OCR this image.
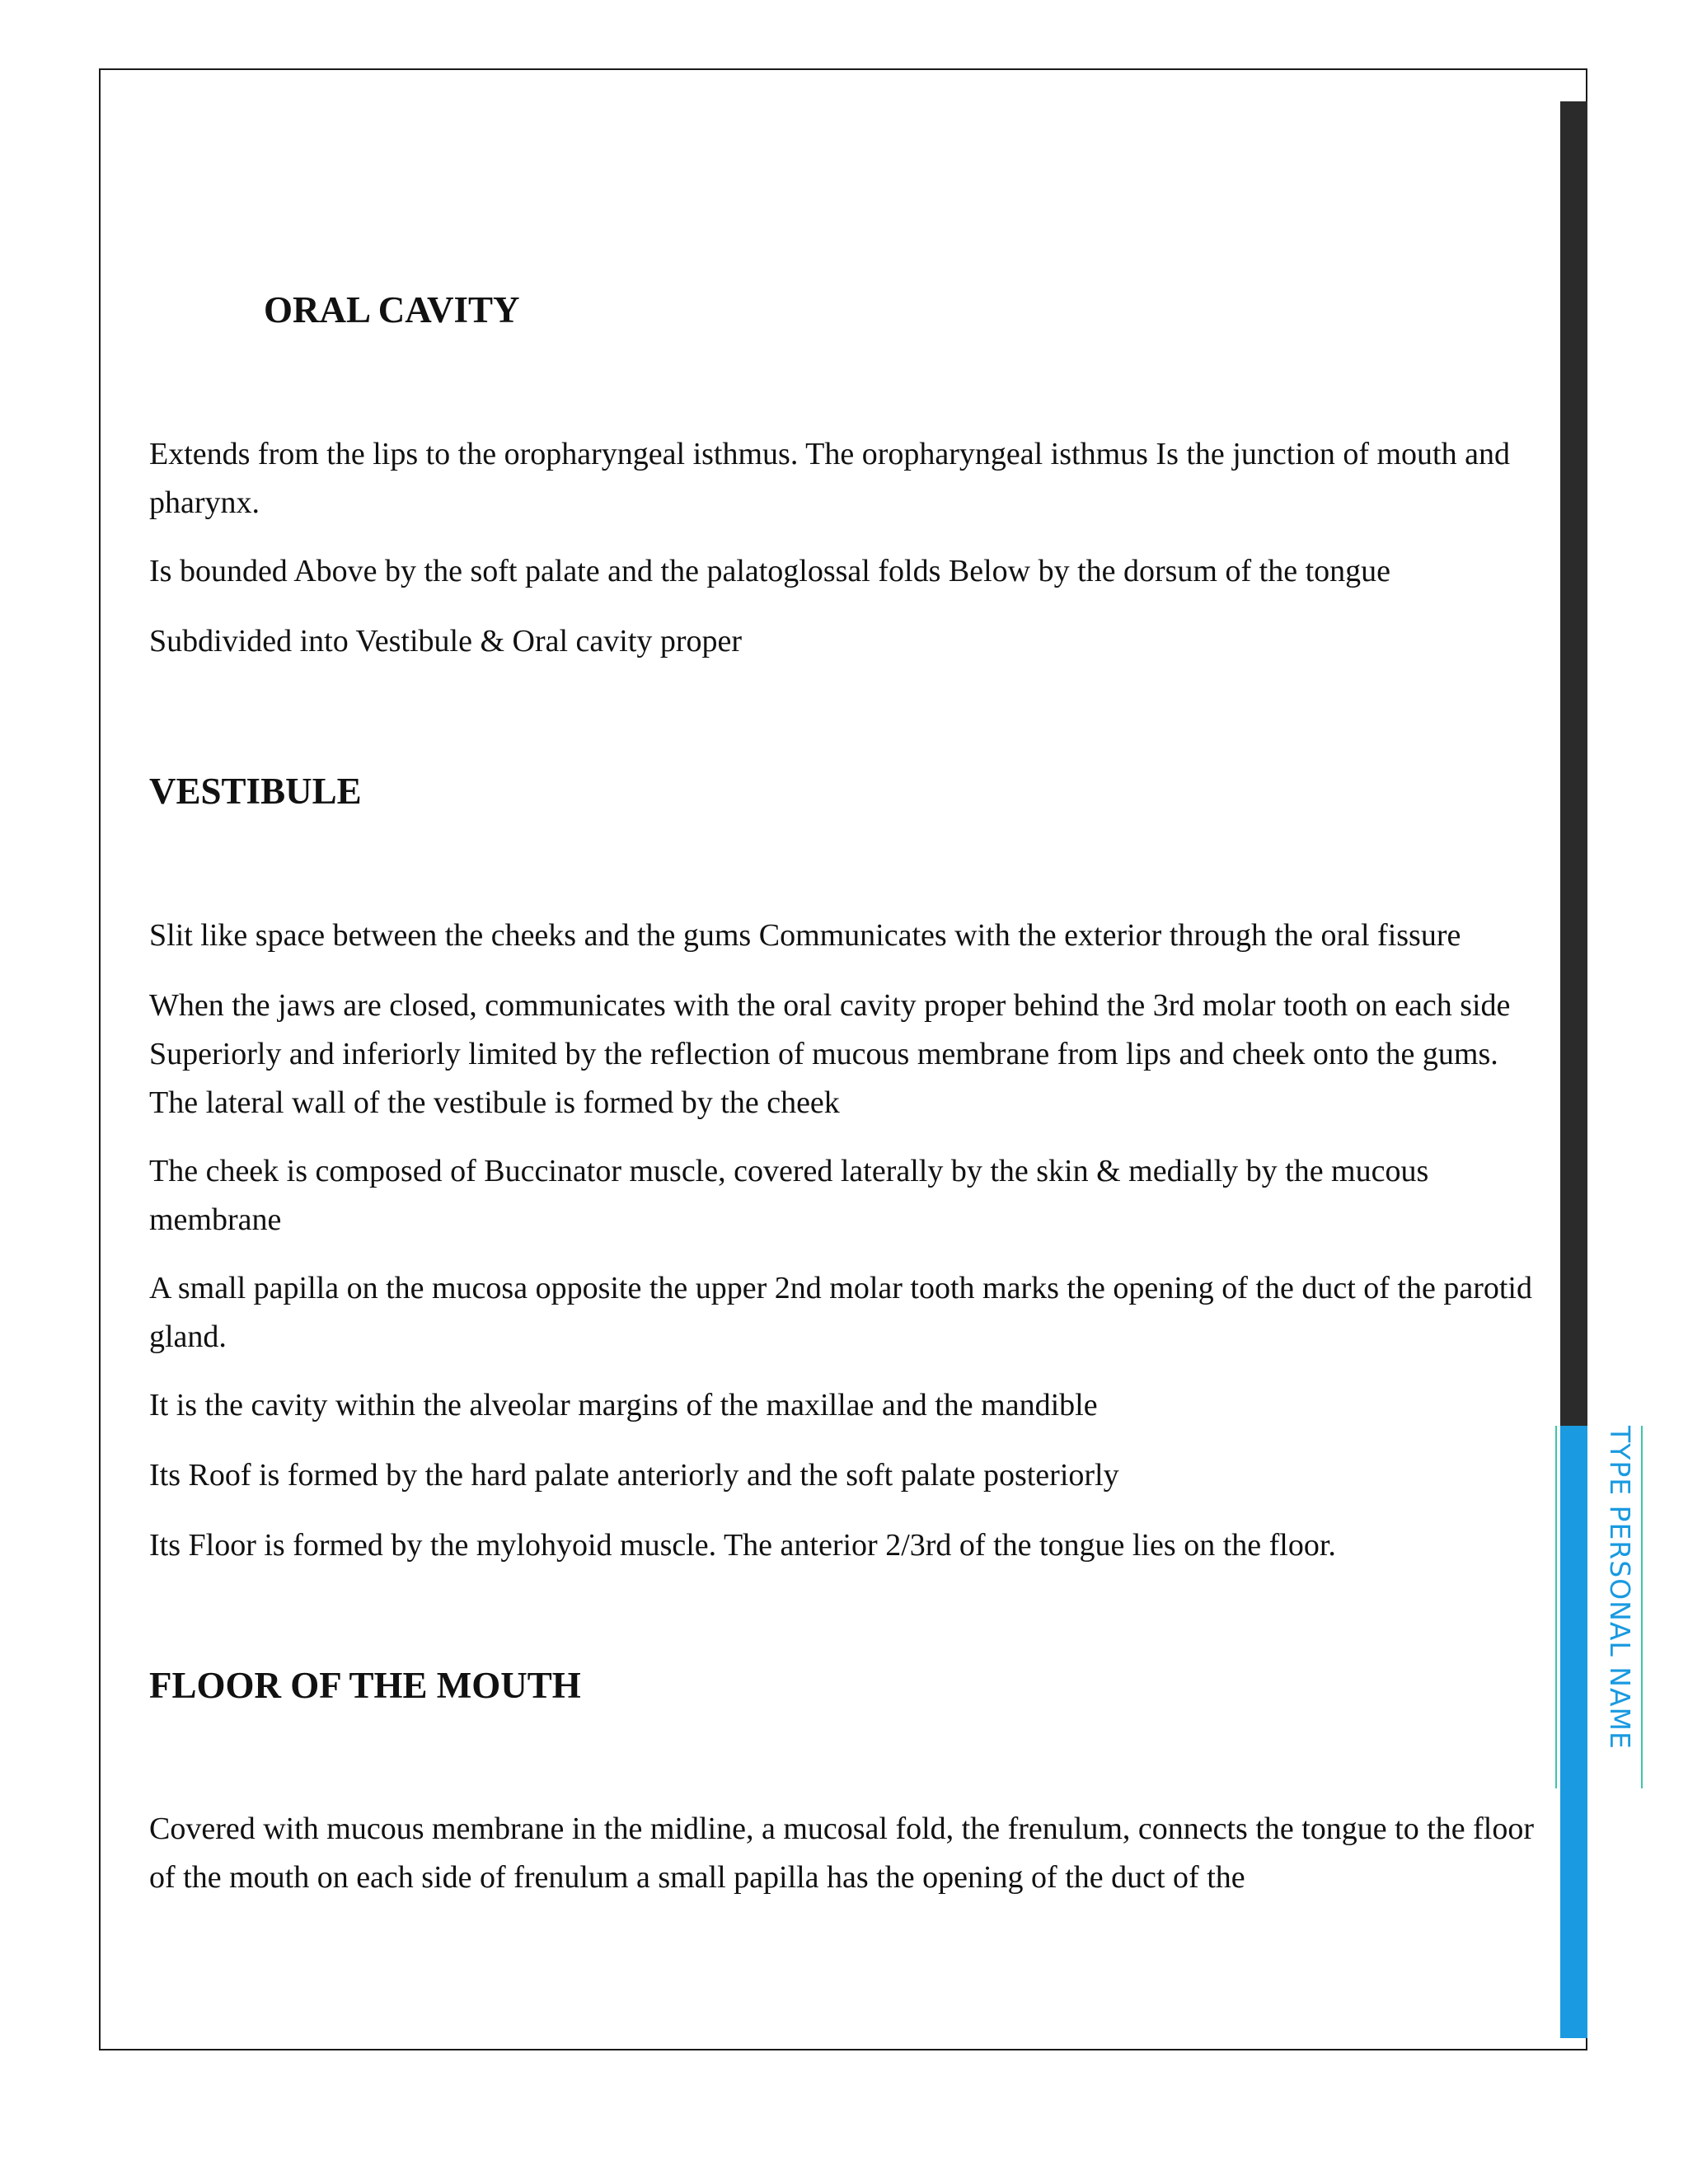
TYPE PERSONAL NAME
ORAL CAVITY

Extends from the lips to the oropharyngeal isthmus. The oropharyngeal isthmus Is the junction of mouth and pharynx.

Is bounded Above by the soft palate and the palatoglossal folds Below by the dorsum of the tongue

Subdivided into Vestibule & Oral cavity proper

VESTIBULE

Slit like space between the cheeks and the gums Communicates with the exterior through the oral fissure

When the jaws are closed, communicates with the oral cavity proper behind the 3rd molar tooth on each side Superiorly and inferiorly limited by the reflection of mucous membrane from lips and cheek onto the gums. The lateral wall of the vestibule is formed by the cheek

The cheek is composed of Buccinator muscle, covered laterally by the skin & medially by the mucous membrane

A small papilla on the mucosa opposite the upper 2nd molar tooth marks the opening of the duct of the parotid gland.

It is the cavity within the alveolar margins of the maxillae and the mandible

Its Roof is formed by the hard palate anteriorly and the soft palate posteriorly

Its Floor is formed by the mylohyoid muscle. The anterior 2/3rd of the tongue lies on the floor.

FLOOR OF THE MOUTH

Covered with mucous membrane in the midline, a mucosal fold, the frenulum, connects the tongue to the floor of the mouth on each side of frenulum a small papilla has the opening of the duct of the
